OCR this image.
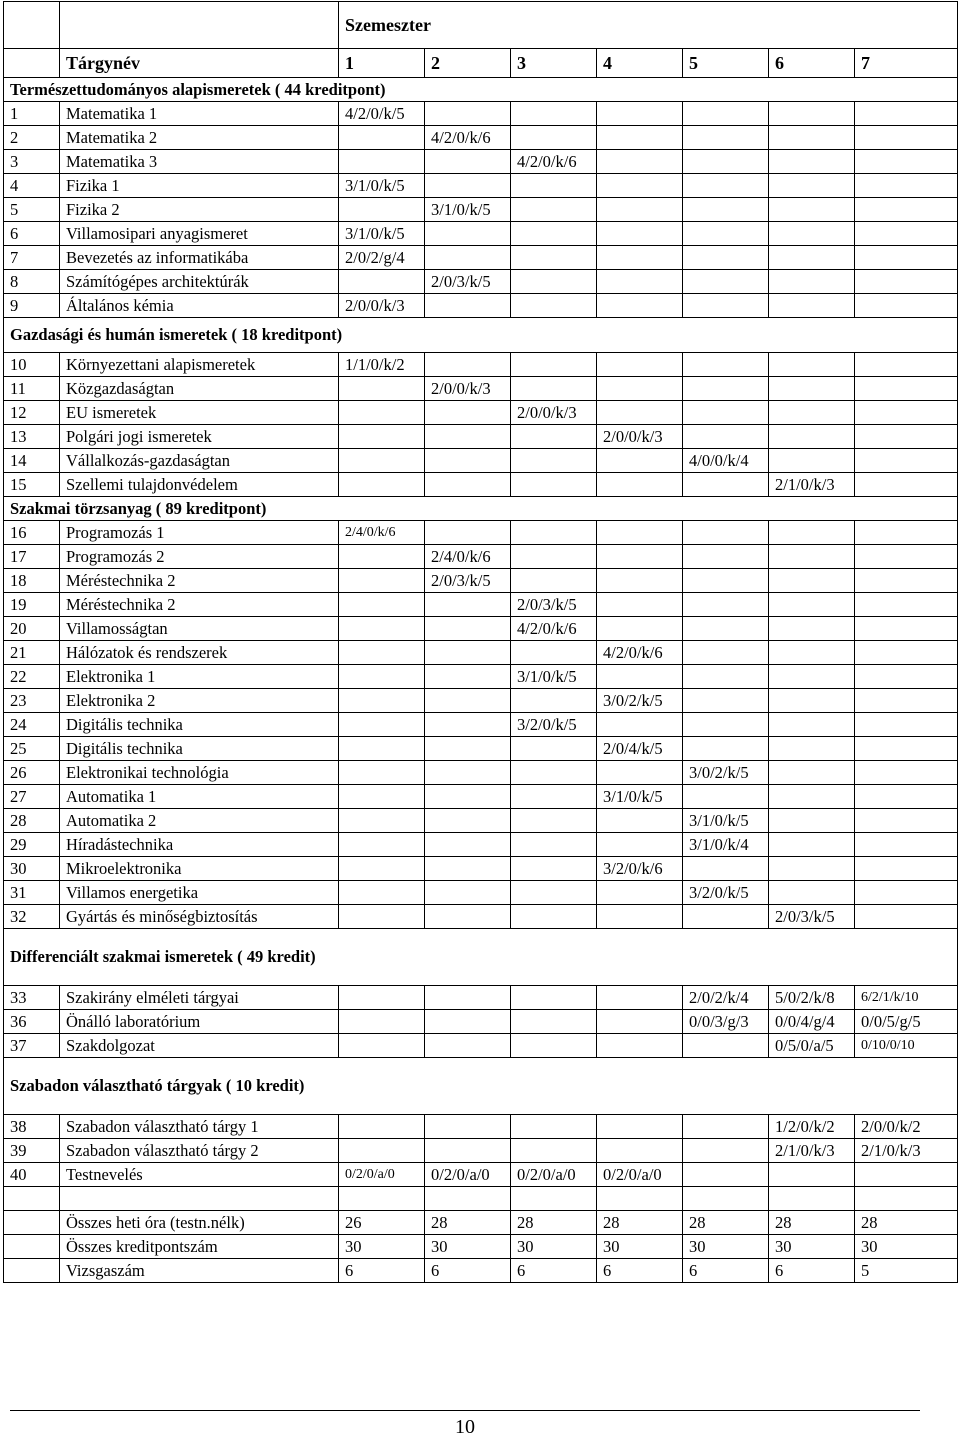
		Szemeszter						
	Tárgynév	1	2	3	4	5	6	7
Természettudományos alapismeretek ( 44 kreditpont)								
1	Matematika 1	4/2/0/k/5						
2	Matematika 2		4/2/0/k/6					
3	Matematika 3			4/2/0/k/6				
4	Fizika 1	3/1/0/k/5						
5	Fizika 2		3/1/0/k/5					
6	Villamosipari anyagismeret	3/1/0/k/5						
7	Bevezetés az informatikába	2/0/2/g/4						
8	Számítógépes architektúrák		2/0/3/k/5					
9	Általános kémia	2/0/0/k/3						
Gazdasági és humán ismeretek ( 18 kreditpont)								
10	Környezettani alapismeretek	1/1/0/k/2						
11	Közgazdaságtan		2/0/0/k/3					
12	EU ismeretek			2/0/0/k/3				
13	Polgári jogi ismeretek				2/0/0/k/3			
14	Vállalkozás-gazdaságtan					4/0/0/k/4		
15	Szellemi tulajdonvédelem						2/1/0/k/3	
Szakmai törzsanyag ( 89 kreditpont)								
16	Programozás 1	2/4/0/k/6						
17	Programozás 2		2/4/0/k/6					
18	Méréstechnika 2		2/0/3/k/5					
19	Méréstechnika 2			2/0/3/k/5				
20	Villamosságtan			4/2/0/k/6				
21	Hálózatok és rendszerek				4/2/0/k/6			
22	Elektronika 1			3/1/0/k/5				
23	Elektronika 2				3/0/2/k/5			
24	Digitális technika			3/2/0/k/5				
25	Digitális technika				2/0/4/k/5			
26	Elektronikai technológia					3/0/2/k/5		
27	Automatika 1				3/1/0/k/5			
28	Automatika 2					3/1/0/k/5		
29	Híradástechnika					3/1/0/k/4		
30	Mikroelektronika				3/2/0/k/6			
31	Villamos energetika					3/2/0/k/5		
32	Gyártás és minőségbiztosítás						2/0/3/k/5	
Differenciált szakmai ismeretek ( 49 kredit)								
33	Szakirány elméleti tárgyai					2/0/2/k/4	5/0/2/k/8	6/2/1/k/10
36	Önálló laboratórium					0/0/3/g/3	0/0/4/g/4	0/0/5/g/5
37	Szakdolgozat						0/5/0/a/5	0/10/0/10
Szabadon választható tárgyak ( 10 kredit)								
38	Szabadon választható tárgy 1						1/2/0/k/2	2/0/0/k/2
39	Szabadon választható tárgy 2						2/1/0/k/3	2/1/0/k/3
40	Testnevelés	0/2/0/a/0	0/2/0/a/0	0/2/0/a/0	0/2/0/a/0			

	Összes heti óra (testn.nélk)	26	28	28	28	28	28	28
	Összes kreditpontszám	30	30	30	30	30	30	30
	Vizsgaszám	6	6	6	6	6	6	5
10
